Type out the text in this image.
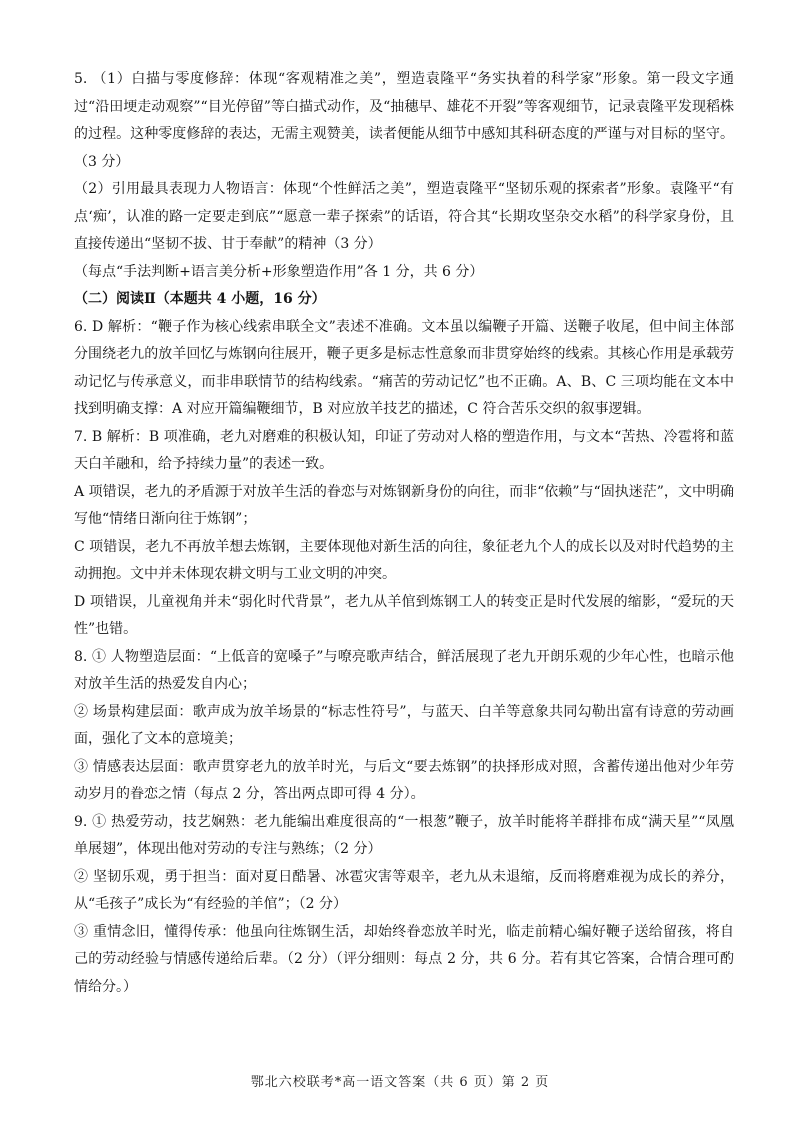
5. （1）白描与零度修辞：体现“客观精准之美”，塑造袁隆平“务实执着的科学家”形象。第一段文字通过“沿田埂走动观察”“目光停留”等白描式动作，及“抽穗早、雄花不开裂”等客观细节，记录袁隆平发现稻株的过程。这种零度修辞的表达，无需主观赞美，读者便能从细节中感知其科研态度的严谨与对目标的坚守。（3 分）

（2）引用最具表现力人物语言：体现“个性鲜活之美”，塑造袁隆平“坚韧乐观的探索者”形象。袁隆平“有点‘痴’，认准的路一定要走到底”“愿意一辈子探索”的话语，符合其“长期攻坚杂交水稻”的科学家身份，且直接传递出“坚韧不拔、甘于奉献”的精神（3 分）

（每点“手法判断+语言美分析+形象塑造作用”各 1 分，共 6 分）

（二）阅读Ⅱ（本题共 4 小题，16 分）

6. D 解析：“鞭子作为核心线索串联全文”表述不准确。文本虽以编鞭子开篇、送鞭子收尾，但中间主体部分围绕老九的放羊回忆与炼钢向往展开，鞭子更多是标志性意象而非贯穿始终的线索。其核心作用是承载劳动记忆与传承意义，而非串联情节的结构线索。“痛苦的劳动记忆”也不正确。A、B、C 三项均能在文本中找到明确支撑：A 对应开篇编鞭细节，B 对应放羊技艺的描述，C 符合苦乐交织的叙事逻辑。

7. B 解析：B 项准确，老九对磨难的积极认知，印证了劳动对人格的塑造作用，与文本“苦热、冷雹将和蓝天白羊融和，给予持续力量”的表述一致。

A 项错误，老九的矛盾源于对放羊生活的眷恋与对炼钢新身份的向往，而非“依赖”与“固执迷茫”，文中明确写他“情绪日渐向往于炼钢”；

C 项错误，老九不再放羊想去炼钢，主要体现他对新生活的向往，象征老九个人的成长以及对时代趋势的主动拥抱。文中并未体现农耕文明与工业文明的冲突。

D 项错误，儿童视角并未“弱化时代背景”，老九从羊倌到炼钢工人的转变正是时代发展的缩影，“爱玩的天性”也错。

8. ① 人物塑造层面：“上低音的宽嗓子”与嘹亮歌声结合，鲜活展现了老九开朗乐观的少年心性，也暗示他对放羊生活的热爱发自内心；

② 场景构建层面：歌声成为放羊场景的“标志性符号”，与蓝天、白羊等意象共同勾勒出富有诗意的劳动画面，强化了文本的意境美；

③ 情感表达层面：歌声贯穿老九的放羊时光，与后文“要去炼钢”的抉择形成对照，含蓄传递出他对少年劳动岁月的眷恋之情（每点 2 分，答出两点即可得 4 分）。

9. ① 热爱劳动，技艺娴熟：老九能编出难度很高的“一根葱”鞭子，放羊时能将羊群排布成“满天星”“凤凰单展翅”，体现出他对劳动的专注与熟练；（2 分）

② 坚韧乐观，勇于担当：面对夏日酷暑、冰雹灾害等艰辛，老九从未退缩，反而将磨难视为成长的养分，从“毛孩子”成长为“有经验的羊倌”；（2 分）

③ 重情念旧，懂得传承：他虽向往炼钢生活，却始终眷恋放羊时光，临走前精心编好鞭子送给留孩，将自己的劳动经验与情感传递给后辈。（2 分）（评分细则：每点 2 分，共 6 分。若有其它答案，合情合理可酌情给分。）

鄂北六校联考*高一语文答案（共 6 页）第 2 页
